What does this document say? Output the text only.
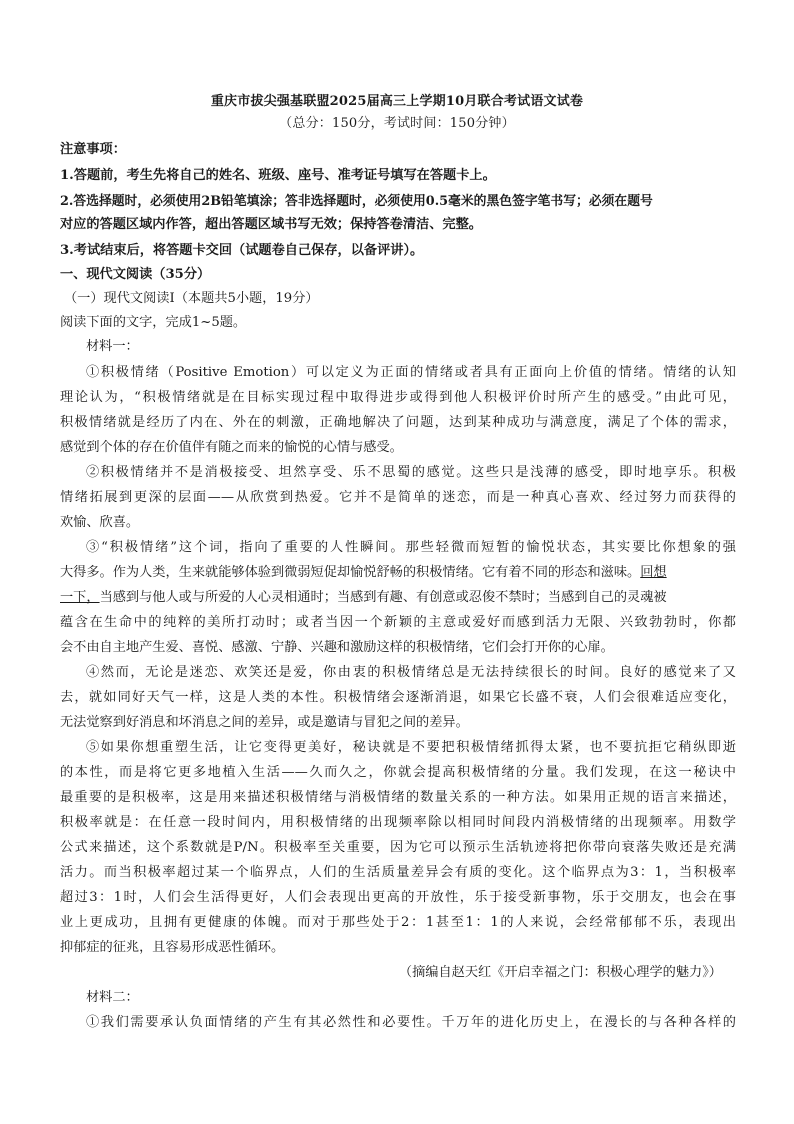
重庆市拔尖强基联盟2025届高三上学期10月联合考试语文试卷
（总分：150分，考试时间：150分钟）
注意事项：
1.答题前，考生先将自己的姓名、班级、座号、准考证号填写在答题卡上。
2.答选择题时，必须使用2B铅笔填涂；答非选择题时，必须使用0.5毫米的黑色签字笔书写；必须在题号
对应的答题区域内作答，超出答题区域书写无效；保持答卷清洁、完整。
3.考试结束后，将答题卡交回（试题卷自己保存，以备评讲）。
一、现代文阅读（35分）
（一）现代文阅读Ⅰ（本题共5小题，19分）
阅读下面的文字，完成1~5题。
材料一：
①积极情绪（Positive Emotion）可以定义为正面的情绪或者具有正面向上价值的情绪。情绪的认知
理论认为，“积极情绪就是在目标实现过程中取得进步或得到他人积极评价时所产生的感受。”由此可见，
积极情绪就是经历了内在、外在的刺激，正确地解决了问题，达到某种成功与满意度，满足了个体的需求，
感觉到个体的存在价值伴有随之而来的愉悦的心情与感受。
②积极情绪并不是消极接受、坦然享受、乐不思蜀的感觉。这些只是浅薄的感受，即时地享乐。积极
情绪拓展到更深的层面——从欣赏到热爱。它并不是简单的迷恋，而是一种真心喜欢、经过努力而获得的
欢愉、欣喜。
③“积极情绪”这个词，指向了重要的人性瞬间。那些轻微而短暂的愉悦状态，其实要比你想象的强
大得多。作为人类，生来就能够体验到微弱短促却愉悦舒畅的积极情绪。它有着不同的形态和滋味。回想
一下，当感到与他人或与所爱的人心灵相通时；当感到有趣、有创意或忍俊不禁时；当感到自己的灵魂被
蕴含在生命中的纯粹的美所打动时；或者当因一个新颖的主意或爱好而感到活力无限、兴致勃勃时，你都
会不由自主地产生爱、喜悦、感激、宁静、兴趣和激励这样的积极情绪，它们会打开你的心扉。
④然而，无论是迷恋、欢笑还是爱，你由衷的积极情绪总是无法持续很长的时间。良好的感觉来了又
去，就如同好天气一样，这是人类的本性。积极情绪会逐渐消退，如果它长盛不衰，人们会很难适应变化，
无法觉察到好消息和坏消息之间的差异，或是邀请与冒犯之间的差异。
⑤如果你想重塑生活，让它变得更美好，秘诀就是不要把积极情绪抓得太紧，也不要抗拒它稍纵即逝
的本性，而是将它更多地植入生活——久而久之，你就会提高积极情绪的分量。我们发现，在这一秘诀中
最重要的是积极率，这是用来描述积极情绪与消极情绪的数量关系的一种方法。如果用正规的语言来描述，
积极率就是：在任意一段时间内，用积极情绪的出现频率除以相同时间段内消极情绪的出现频率。用数学
公式来描述，这个系数就是P/N。积极率至关重要，因为它可以预示生活轨迹将把你带向衰落失败还是充满
活力。而当积极率超过某一个临界点，人们的生活质量差异会有质的变化。这个临界点为3：1，当积极率
超过3：1时，人们会生活得更好，人们会表现出更高的开放性，乐于接受新事物，乐于交朋友，也会在事
业上更成功，且拥有更健康的体魄。而对于那些处于2：1甚至1：1的人来说，会经常郁郁不乐，表现出
抑郁症的征兆，且容易形成恶性循环。
（摘编自赵天红《开启幸福之门：积极心理学的魅力》）
材料二：
①我们需要承认负面情绪的产生有其必然性和必要性。千万年的进化历史上，在漫长的与各种各样的
